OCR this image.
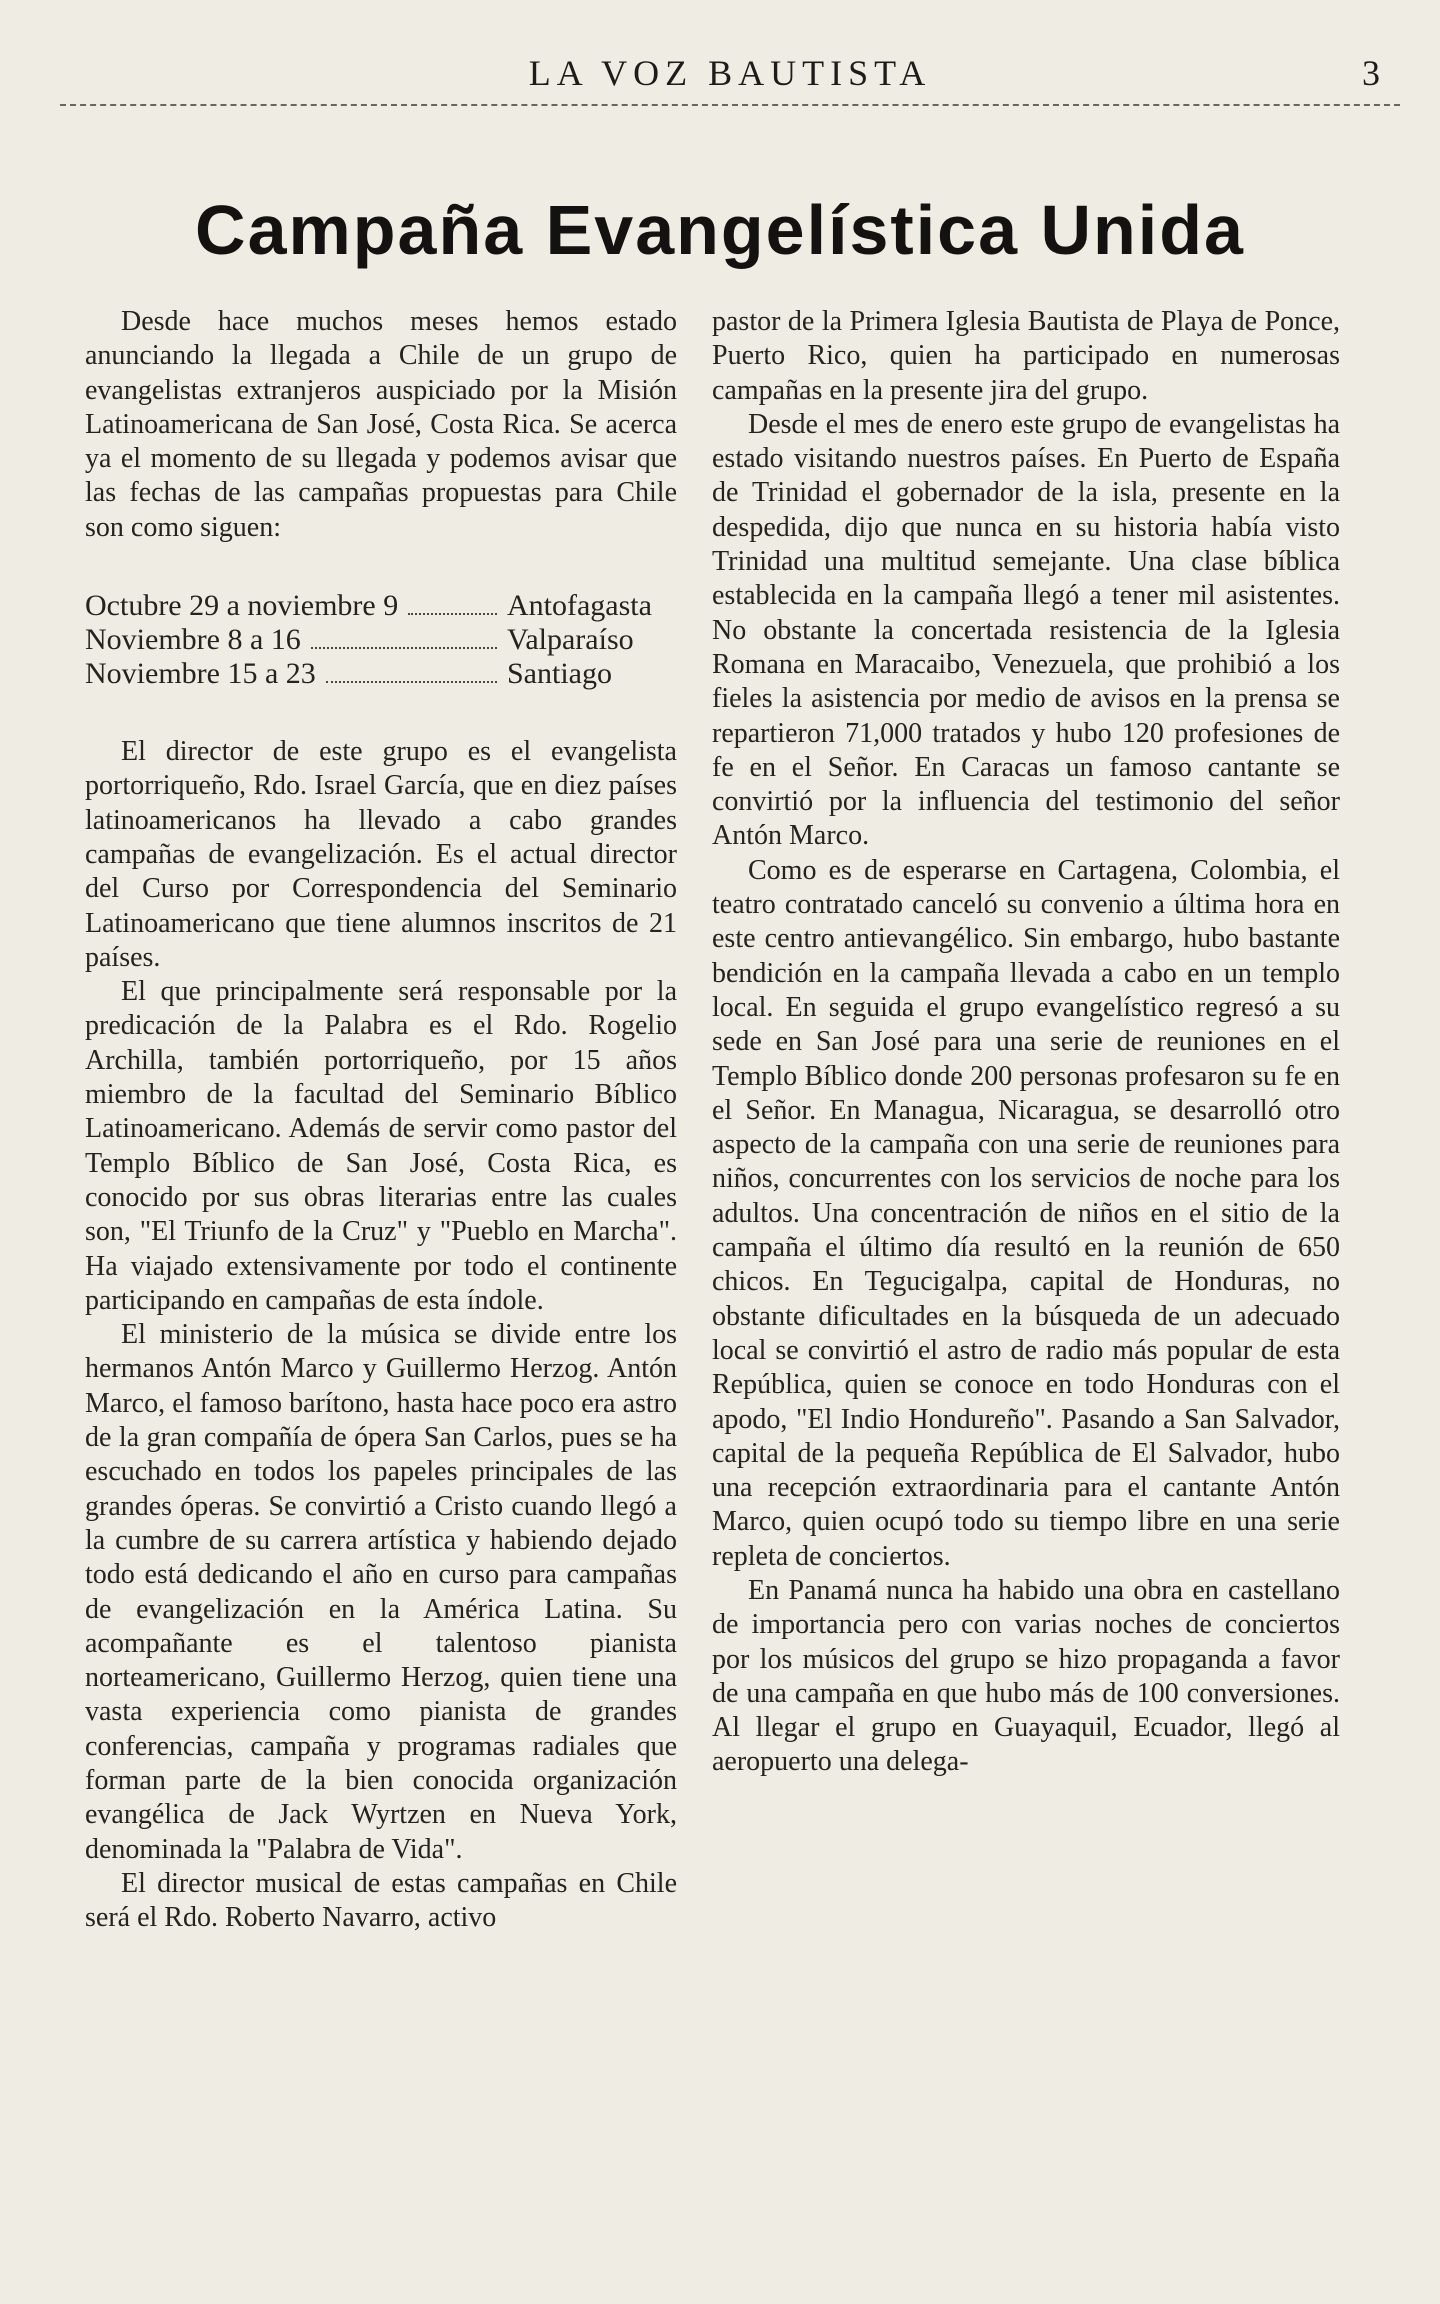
LA VOZ BAUTISTA	3
Campaña Evangelística Unida

Desde hace muchos meses hemos estado anunciando la llegada a Chile de un grupo de evangelistas extranjeros auspiciado por la Misión Latinoamericana de San José, Costa Rica. Se acerca ya el momento de su llegada y podemos avisar que las fechas de las campañas propuestas para Chile son como siguen:

Octubre 29 a noviembre 9	Antofagasta
Noviembre 8 a 16	Valparaíso
Noviembre 15 a 23	Santiago

El director de este grupo es el evangelista portorriqueño, Rdo. Israel García, que en diez países latinoamericanos ha llevado a cabo grandes campañas de evangelización. Es el actual director del Curso por Correspondencia del Seminario Latinoamericano que tiene alumnos inscritos de 21 países.

El que principalmente será responsable por la predicación de la Palabra es el Rdo. Rogelio Archilla, también portorriqueño, por 15 años miembro de la facultad del Seminario Bíblico Latinoamericano. Además de servir como pastor del Templo Bíblico de San José, Costa Rica, es conocido por sus obras literarias entre las cuales son, "El Triunfo de la Cruz" y "Pueblo en Marcha". Ha viajado extensivamente por todo el continente participando en campañas de esta índole.

El ministerio de la música se divide entre los hermanos Antón Marco y Guillermo Herzog. Antón Marco, el famoso barítono, hasta hace poco era astro de la gran compañía de ópera San Carlos, pues se ha escuchado en todos los papeles principales de las grandes óperas. Se convirtió a Cristo cuando llegó a la cumbre de su carrera artística y habiendo dejado todo está dedicando el año en curso para campañas de evangelización en la América Latina. Su acompañante es el talentoso pianista norteamericano, Guillermo Herzog, quien tiene una vasta experiencia como pianista de grandes conferencias, campaña y programas radiales que forman parte de la bien conocida organización evangélica de Jack Wyrtzen en Nueva York, denominada la "Palabra de Vida".

El director musical de estas campañas en Chile será el Rdo. Roberto Navarro, activo

pastor de la Primera Iglesia Bautista de Playa de Ponce, Puerto Rico, quien ha participado en numerosas campañas en la presente jira del grupo.

Desde el mes de enero este grupo de evangelistas ha estado visitando nuestros países. En Puerto de España de Trinidad el gobernador de la isla, presente en la despedida, dijo que nunca en su historia había visto Trinidad una multitud semejante. Una clase bíblica establecida en la campaña llegó a tener mil asistentes. No obstante la concertada resistencia de la Iglesia Romana en Maracaibo, Venezuela, que prohibió a los fieles la asistencia por medio de avisos en la prensa se repartieron 71,000 tratados y hubo 120 profesiones de fe en el Señor. En Caracas un famoso cantante se convirtió por la influencia del testimonio del señor Antón Marco.

Como es de esperarse en Cartagena, Colombia, el teatro contratado canceló su convenio a última hora en este centro antievangélico. Sin embargo, hubo bastante bendición en la campaña llevada a cabo en un templo local. En seguida el grupo evangelístico regresó a su sede en San José para una serie de reuniones en el Templo Bíblico donde 200 personas profesaron su fe en el Señor. En Managua, Nicaragua, se desarrolló otro aspecto de la campaña con una serie de reuniones para niños, concurrentes con los servicios de noche para los adultos. Una concentración de niños en el sitio de la campaña el último día resultó en la reunión de 650 chicos. En Tegucigalpa, capital de Honduras, no obstante dificultades en la búsqueda de un adecuado local se convirtió el astro de radio más popular de esta República, quien se conoce en todo Honduras con el apodo, "El Indio Hondureño". Pasando a San Salvador, capital de la pequeña República de El Salvador, hubo una recepción extraordinaria para el cantante Antón Marco, quien ocupó todo su tiempo libre en una serie repleta de conciertos.

En Panamá nunca ha habido una obra en castellano de importancia pero con varias noches de conciertos por los músicos del grupo se hizo propaganda a favor de una campaña en que hubo más de 100 conversiones. Al llegar el grupo en Guayaquil, Ecuador, llegó al aeropuerto una delega-
